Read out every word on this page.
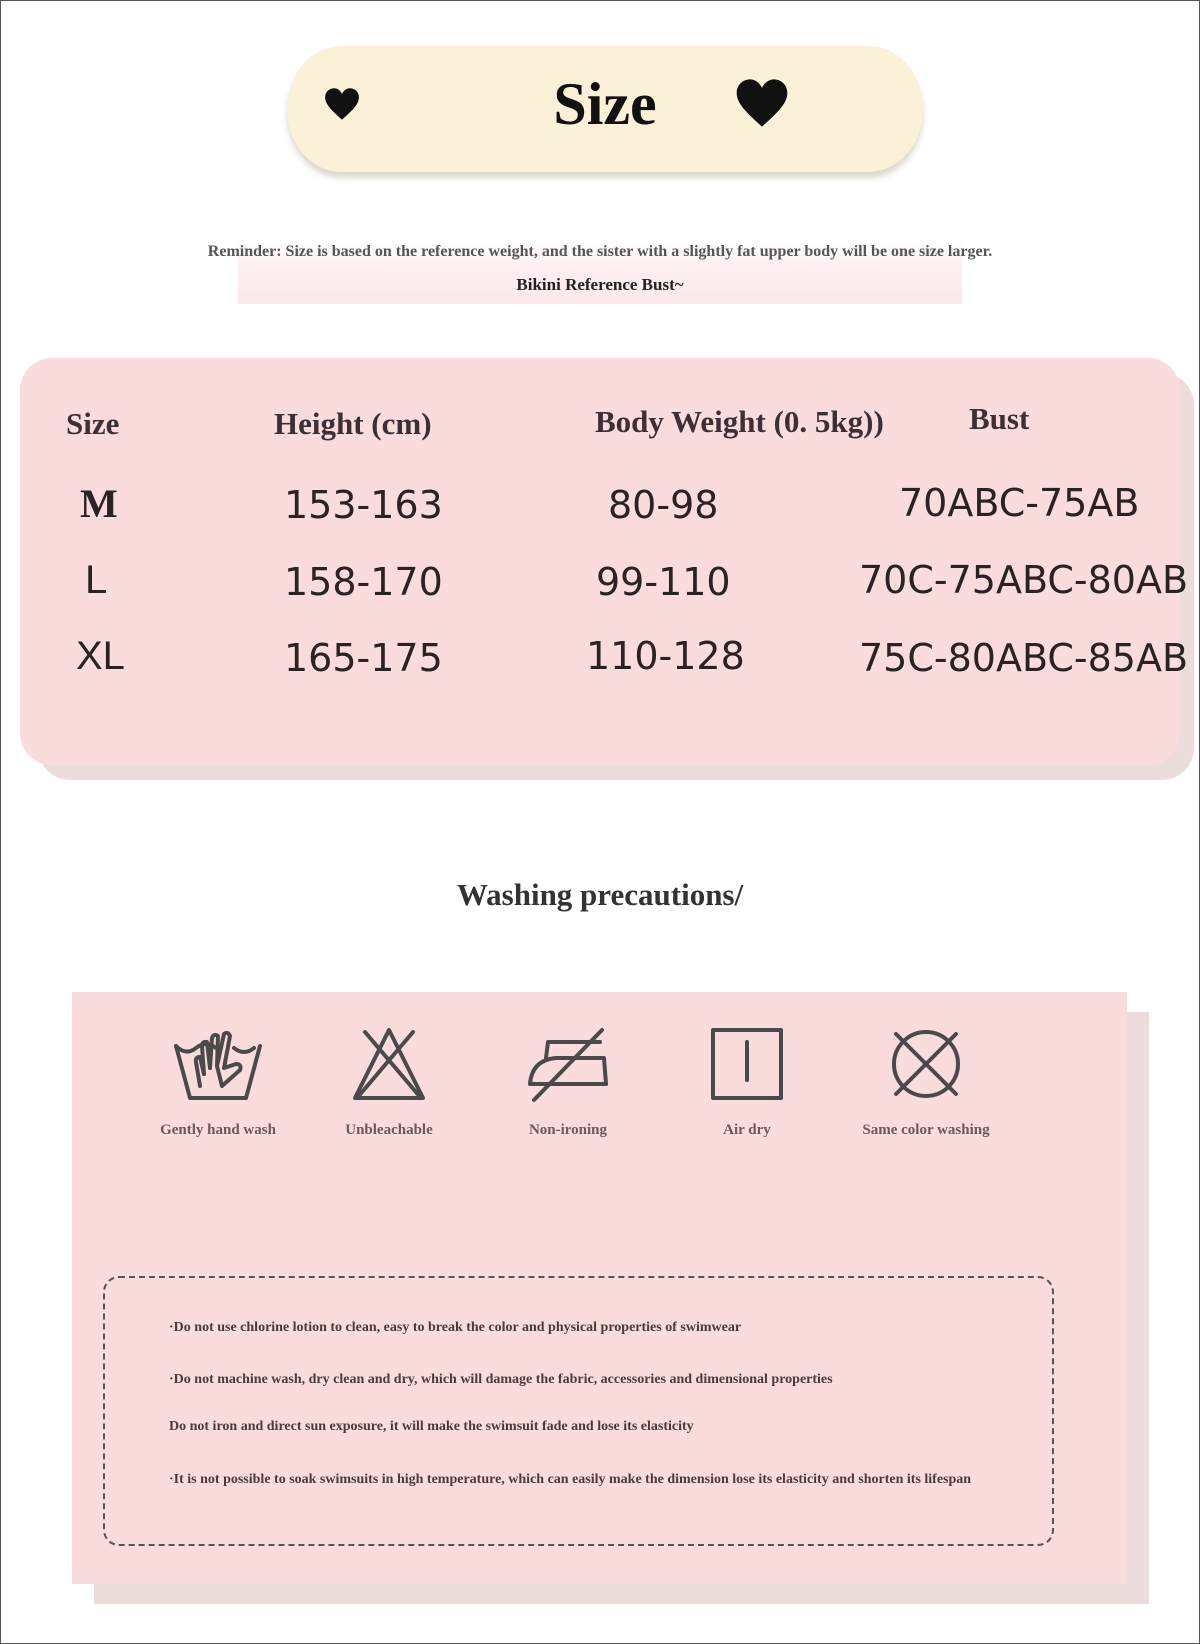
Size
Reminder: Size is based on the reference weight, and the sister with a slightly fat upper body will be one size larger.
Bikini Reference Bust~
Size	Height (cm)	Body Weight (0. 5kg))	Bust
M	153-163	80-98	70ABC-75AB
L	158-170	99-110	70C-75ABC-80AB
XL	165-175	110-128	75C-80ABC-85AB
Washing precautions/
Gently hand wash	Unbleachable	Non-ironing	Air dry	Same color washing
·Do not use chlorine lotion to clean, easy to break the color and physical properties of swimwear
·Do not machine wash, dry clean and dry, which will damage the fabric, accessories and dimensional properties
Do not iron and direct sun exposure, it will make the swimsuit fade and lose its elasticity
·It is not possible to soak swimsuits in high temperature, which can easily make the dimension lose its elasticity and shorten its lifespan
